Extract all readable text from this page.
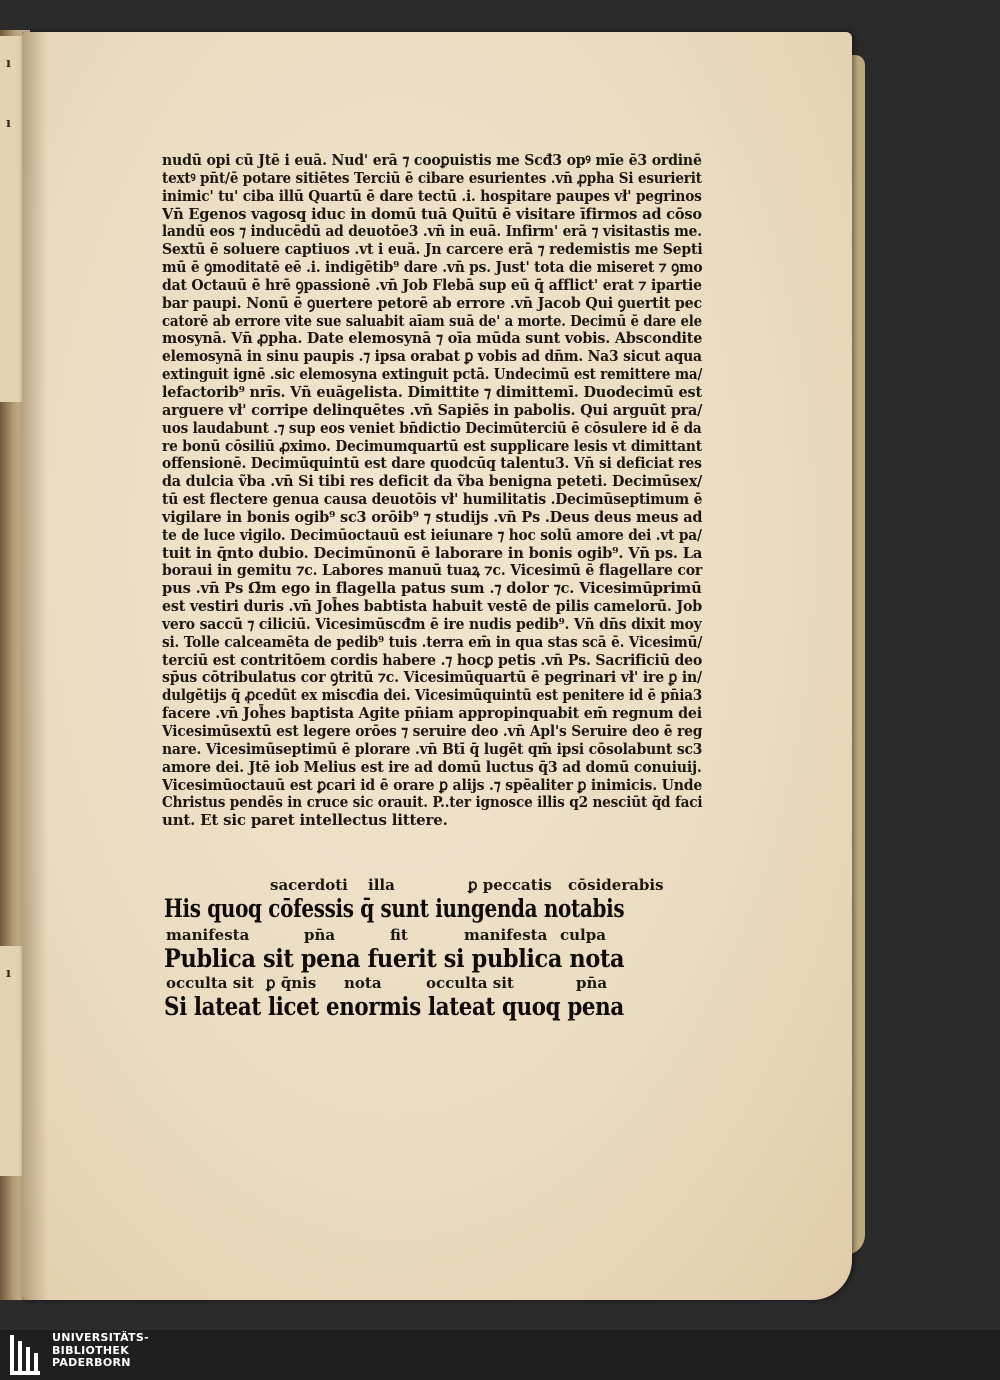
ı
ı
ı
nudū opi cū Jtē i euā. Nud' erā ⁊ cooꝑuistis me Scđ3 opꝰ mīe ē3 ordinē
textꝰ pn̄t/ē potare sitiētes Terciū ē cibare esurientes .vn̄ ꝓpha Si esurierit
inimic' tu' ciba illū Quartū ē dare tectū .i. hospitare paupes vł' pegrinos
Vn̄ Egenos vagosq̧ iduc in domū tuā Quītū ē visitare īfirmos ad cōso
landū eos ⁊ inducēdū ad deuotōe3 .vn̄ in euā. Infirm' erā ⁊ visitastis me.
Sextū ē soluere captiuos .vt i euā. Jn carcere erā ⁊ redemistis me Septi
mū ē ꝯmoditatē eē .i. indigētib⁹ dare .vn̄ ps. Just' tota die miseret ⁊ ꝯmo
dat Octauū ē hrē ꝯpassionē .vn̄ Job Flebā sup eū q̄ afflict' erat ⁊ ipartie
bar paupi. Nonū ē ꝯuertere petorē ab errore .vn̄ Jacob Qui ꝯuertit pec
catorē ab errore vite sue saluabit aīam suā de' a morte. Decimū ē dare ele
mosynā. Vn̄ ꝓpha. Date elemosynā ⁊ oīa mūda sunt vobis. Abscondite
elemosynā in sinu paupis .⁊ ipsa orabat ꝑ vobis ad dn̄m. Na3 sicut aqua
extinguit ignē .sic elemosyna extinguit pctā. Undecimū est remittere ma/
lefactorib⁹ nrīs. Vn̄ euāgelista. Dimittite ⁊ dimittemī. Duodecimū est
arguere vł' corripe delinquētes .vn̄ Sapiēs in pabolis. Qui arguūt pra/
uos laudabunt .⁊ sup eos veniet bn̄dictio Decimūterciū ē cōsulere id ē da
re bonū cōsiliū ꝓximo. Decimumquartū est supplicare lesis vt dimittant
offensionē. Decimūquintū est dare quodcūq̧ talentu3. Vn̄ si deficiat res
da dulcia ṽba .vn̄ Si tibi res deficit da ṽba benigna peteti. Decimūsex/
tū est flectere genua causa deuotōis vł' humilitatis .Decimūseptimum ē
vigilare in bonis ogib⁹ sc3 orōib⁹ ⁊ studijs .vn̄ Ps .Deus deus meus ad
te de luce vigilo. Decimūoctauū est ieiunare ⁊ hoc solū amore dei .vt pa/
tuit in q̄nto dubio. Decimūnonū ē laborare in bonis ogib⁹. Vn̄ ps. La
boraui in gemitu ⁊c. Labores manuū tuaꝝ ⁊c. Vicesimū ē flagellare cor
pus .vn̄ Ps Ω̄m ego in flagella patus sum .⁊ dolor ⁊c. Vicesimūprimū
est vestiri duris .vn̄ Joh̄es babtista habuit vestē de pilis camelorū. Job
vero saccū ⁊ ciliciū. Vicesimūscđm ē ire nudis pedib⁹. Vn̄ dn̄s dixit moy
si. Tolle calceamēta de pedib⁹ tuis .terra em̄ in qua stas scā ē. Vicesimū/
terciū est contritōem cordis habere .⁊ hocꝑ petis .vn̄ Ps. Sacrificiū deo
sp̄us cōtribulatus cor ꝯtritū ⁊c. Vicesimūquartū ē pegrinari vł' ire ꝑ in/
dulgētijs q̄ ꝓcedūt ex miscđia dei. Vicesimūquintū est penitere id ē pn̄ia3
facere .vn̄ Joh̄es baptista Agite pn̄iam appropinquabit em̄ regnum dei
Vicesimūsextū est legere orōes ⁊ seruire deo .vn̄ Apl's Seruire deo ē reg
nare. Vicesimūseptimū ē plorare .vn̄ Btī q̄ lugēt qm̄ ipsi cōsolabunt sc3
amore dei. Jtē iob Melius est ire ad domū luctus q̄3 ad domū conuiuij.
Vicesimūoctauū est ꝑcari id ē orare ꝑ alijs .⁊ spēaliter ꝑ inimicis. Unde
Christus pendēs in cruce sic orauit. P..ter ignosce illis q2 nesciūt q̄d faci
unt. Et sic paret intellectus littere.
sacerdoti illa	ꝑ peccatis cōsiderabis
His quoq̧ cōfessis q̄ sunt iungenda notabis
manifesta	pn̄a	fit	manifesta culpa
Publica sit pena fuerit si publica nota
occulta sit ꝑ q̄nis nota	occulta sit	pn̄a
Si lateat licet enormis lateat quoq̧ pena
UNIVERSITÄTS-
BIBLIOTHEK
PADERBORN
